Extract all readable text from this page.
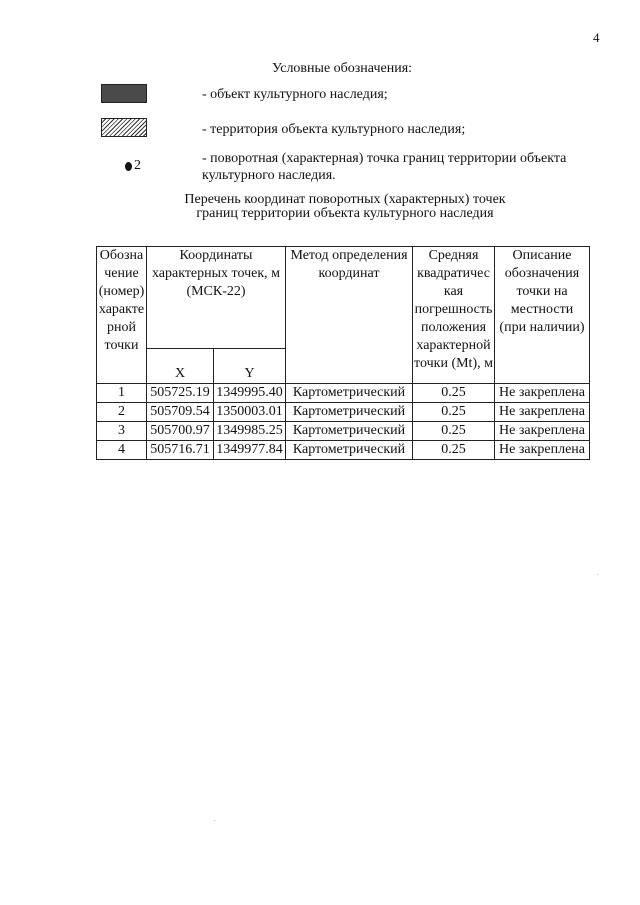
4
Условные обозначения:
- объект культурного наследия;
- территория объекта культурного наследия;
2	- поворотная (характерная) точка границ территории объекта культурного наследия.
Перечень координат поворотных (характерных) точек
границ территории объекта культурного наследия
Обозна чение (номер) характе рной точки	Координаты характерных точек, м (МСК-22)		Метод определения координат	Средняя квадратичес кая погрешность положения характерной точки (Mt), м	Описание обозначения точки на местности (при наличии)
	X	Y			
1	505725.19	1349995.40	Картометрический	0.25	Не закреплена
2	505709.54	1350003.01	Картометрический	0.25	Не закреплена
3	505700.97	1349985.25	Картометрический	0.25	Не закреплена
4	505716.71	1349977.84	Картометрический	0.25	Не закреплена
